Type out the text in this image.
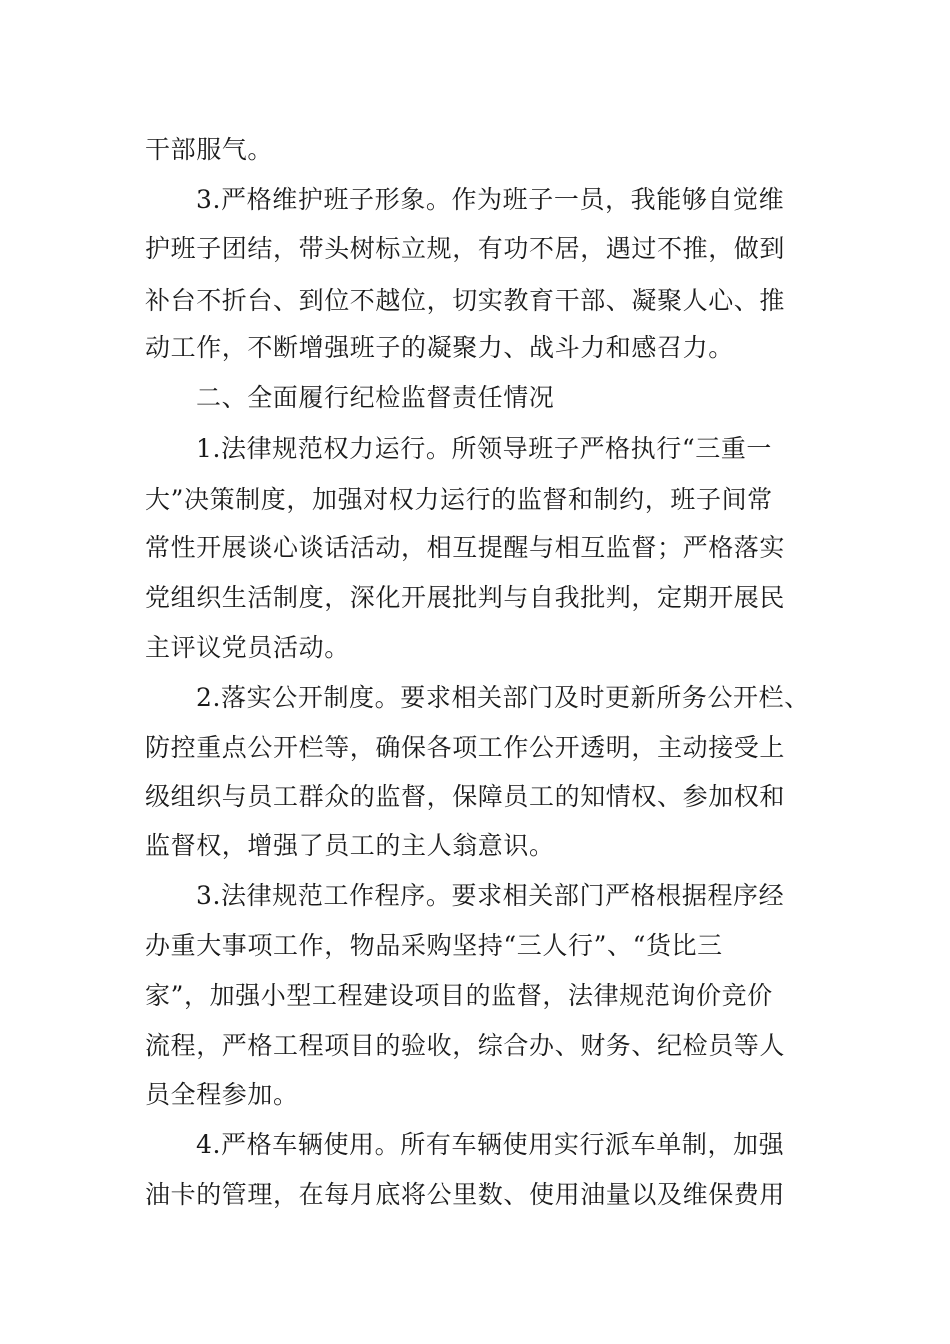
干部服气。
3.严格维护班子形象。作为班子一员，我能够自觉维
护班子团结，带头树标立规，有功不居，遇过不推，做到
补台不折台、到位不越位，切实教育干部、凝聚人心、推
动工作，不断增强班子的凝聚力、战斗力和感召力。
二、全面履行纪检监督责任情况
1.法律规范权力运行。所领导班子严格执行“三重一
大”决策制度，加强对权力运行的监督和制约，班子间常
常性开展谈心谈话活动，相互提醒与相互监督；严格落实
党组织生活制度，深化开展批判与自我批判，定期开展民
主评议党员活动。
2.落实公开制度。要求相关部门及时更新所务公开栏、
防控重点公开栏等，确保各项工作公开透明，主动接受上
级组织与员工群众的监督，保障员工的知情权、参加权和
监督权，增强了员工的主人翁意识。
3.法律规范工作程序。要求相关部门严格根据程序经
办重大事项工作，物品采购坚持“三人行”、“货比三
家”，加强小型工程建设项目的监督，法律规范询价竞价
流程，严格工程项目的验收，综合办、财务、纪检员等人
员全程参加。
4.严格车辆使用。所有车辆使用实行派车单制，加强
油卡的管理，在每月底将公里数、使用油量以及维保费用
